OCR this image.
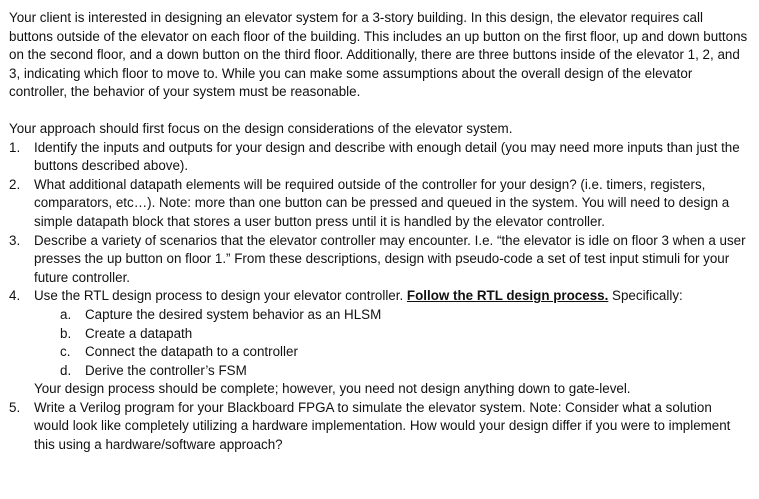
Your client is interested in designing an elevator system for a 3-story building. In this design, the elevator requires call buttons outside of the elevator on each floor of the building. This includes an up button on the first floor, up and down buttons on the second floor, and a down button on the third floor. Additionally, there are three buttons inside of the elevator 1, 2, and 3, indicating which floor to move to. While you can make some assumptions about the overall design of the elevator controller, the behavior of your system must be reasonable.

Your approach should first focus on the design considerations of the elevator system.

1. Identify the inputs and outputs for your design and describe with enough detail (you may need more inputs than just the buttons described above).
2. What additional datapath elements will be required outside of the controller for your design? (i.e. timers, registers, comparators, etc…). Note: more than one button can be pressed and queued in the system. You will need to design a simple datapath block that stores a user button press until it is handled by the elevator controller.
3. Describe a variety of scenarios that the elevator controller may encounter. I.e. “the elevator is idle on floor 3 when a user presses the up button on floor 1.” From these descriptions, design with pseudo-code a set of test input stimuli for your future controller.
4. Use the RTL design process to design your elevator controller. Follow the RTL design process. Specifically:
a. Capture the desired system behavior as an HLSM
b. Create a datapath
c. Connect the datapath to a controller
d. Derive the controller’s FSM

Your design process should be complete; however, you need not design anything down to gate-level.

5. Write a Verilog program for your Blackboard FPGA to simulate the elevator system. Note: Consider what a solution would look like completely utilizing a hardware implementation. How would your design differ if you were to implement this using a hardware/software approach?
